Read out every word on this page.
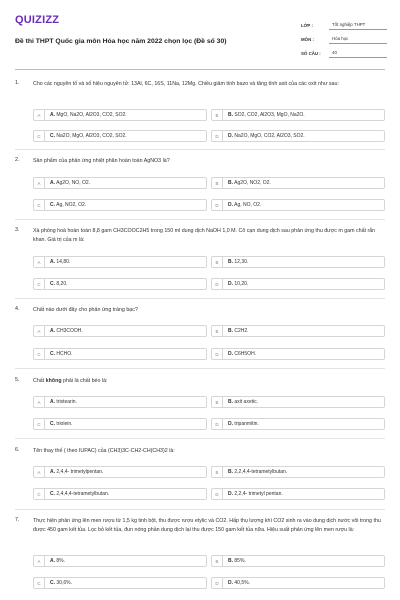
QUIZIZZ
Đề thi THPT Quốc gia môn Hóa học năm 2022 chọn lọc (Đề số 30)
LỚP :	Tốt nghiệp THPT
MÔN :	Hóa học
SỐ CÂU :	40
1.	Cho các nguyên tố và số hiệu nguyên tử: 13Al, 6C, 16S, 11Na, 12Mg. Chiều giảm tính bazo và tăng tính axit của các oxit như sau:
A	A. MgO, Na2O, Al2O3, CO2, SO2.	B	B. SO2, CO2, Al2O3, MgO, Na2O.
C	C. Na2O, MgO, Al2O3, CO2, SO2.	D	D. Na2O, MgO, CO2, Al2O3, SO2.
2.	Sản phẩm của phản ứng nhiệt phân hoàn toàn AgNO3 là?
A	A. Ag2O, NO, O2.	B	B. Ag2O, NO2, O2.
C	C. Ag, NO2, O2.	D	D. Ag, NO, O2.
3.	Xà phòng hoá hoàn toàn 8,8 gam CH3COOC2H5 trong 150 ml dung dịch NaOH 1,0 M. Cô cạn dung dịch sau phản ứng thu được m gam chất rắn khan. Giá trị của m là:
A	A. 14,80.	B	B. 12,30.
C	C. 8,20.	D	D. 10,20.
4.	Chất nào dưới đây cho phản ứng tráng bạc?
A	A. CH3COOH.	B	B. C2H2.
C	C. HCHO.	D	D. C6H5OH.
5.	Chất không phải là chất béo là:
A	A. tristearin.	B	B. axit axetic.
C	C. triolein.	D	D. tripanmitin.
6.	Tên thay thế ( theo IUPAC) của (CH3)3C-CH2-CH(CH3)2 là:
A	A. 2,4,4- trimetylpentan.	B	B. 2,2,4,4-tetrametylbutan.
C	C. 2,4,4,4-tetrametylbutan.	D	D. 2,2,4- trimetyl pentan.
7.	Thực hiện phản ứng lên men rượu từ 1,5 kg tinh bột, thu được rượu etylic và CO2. Hấp thụ lượng khí CO2 sinh ra vào dung dịch nước vôi trong thu được 450 gam kết tủa. Lọc bỏ kết tủa, đun nóng phần dung dịch lại thu được 150 gam kết tủa nữa. Hiệu suất phản ứng lên men rượu là:
A	A. 8%.	B	B. 85%.
C	C. 30,6%.	D	D. 40,5%.
